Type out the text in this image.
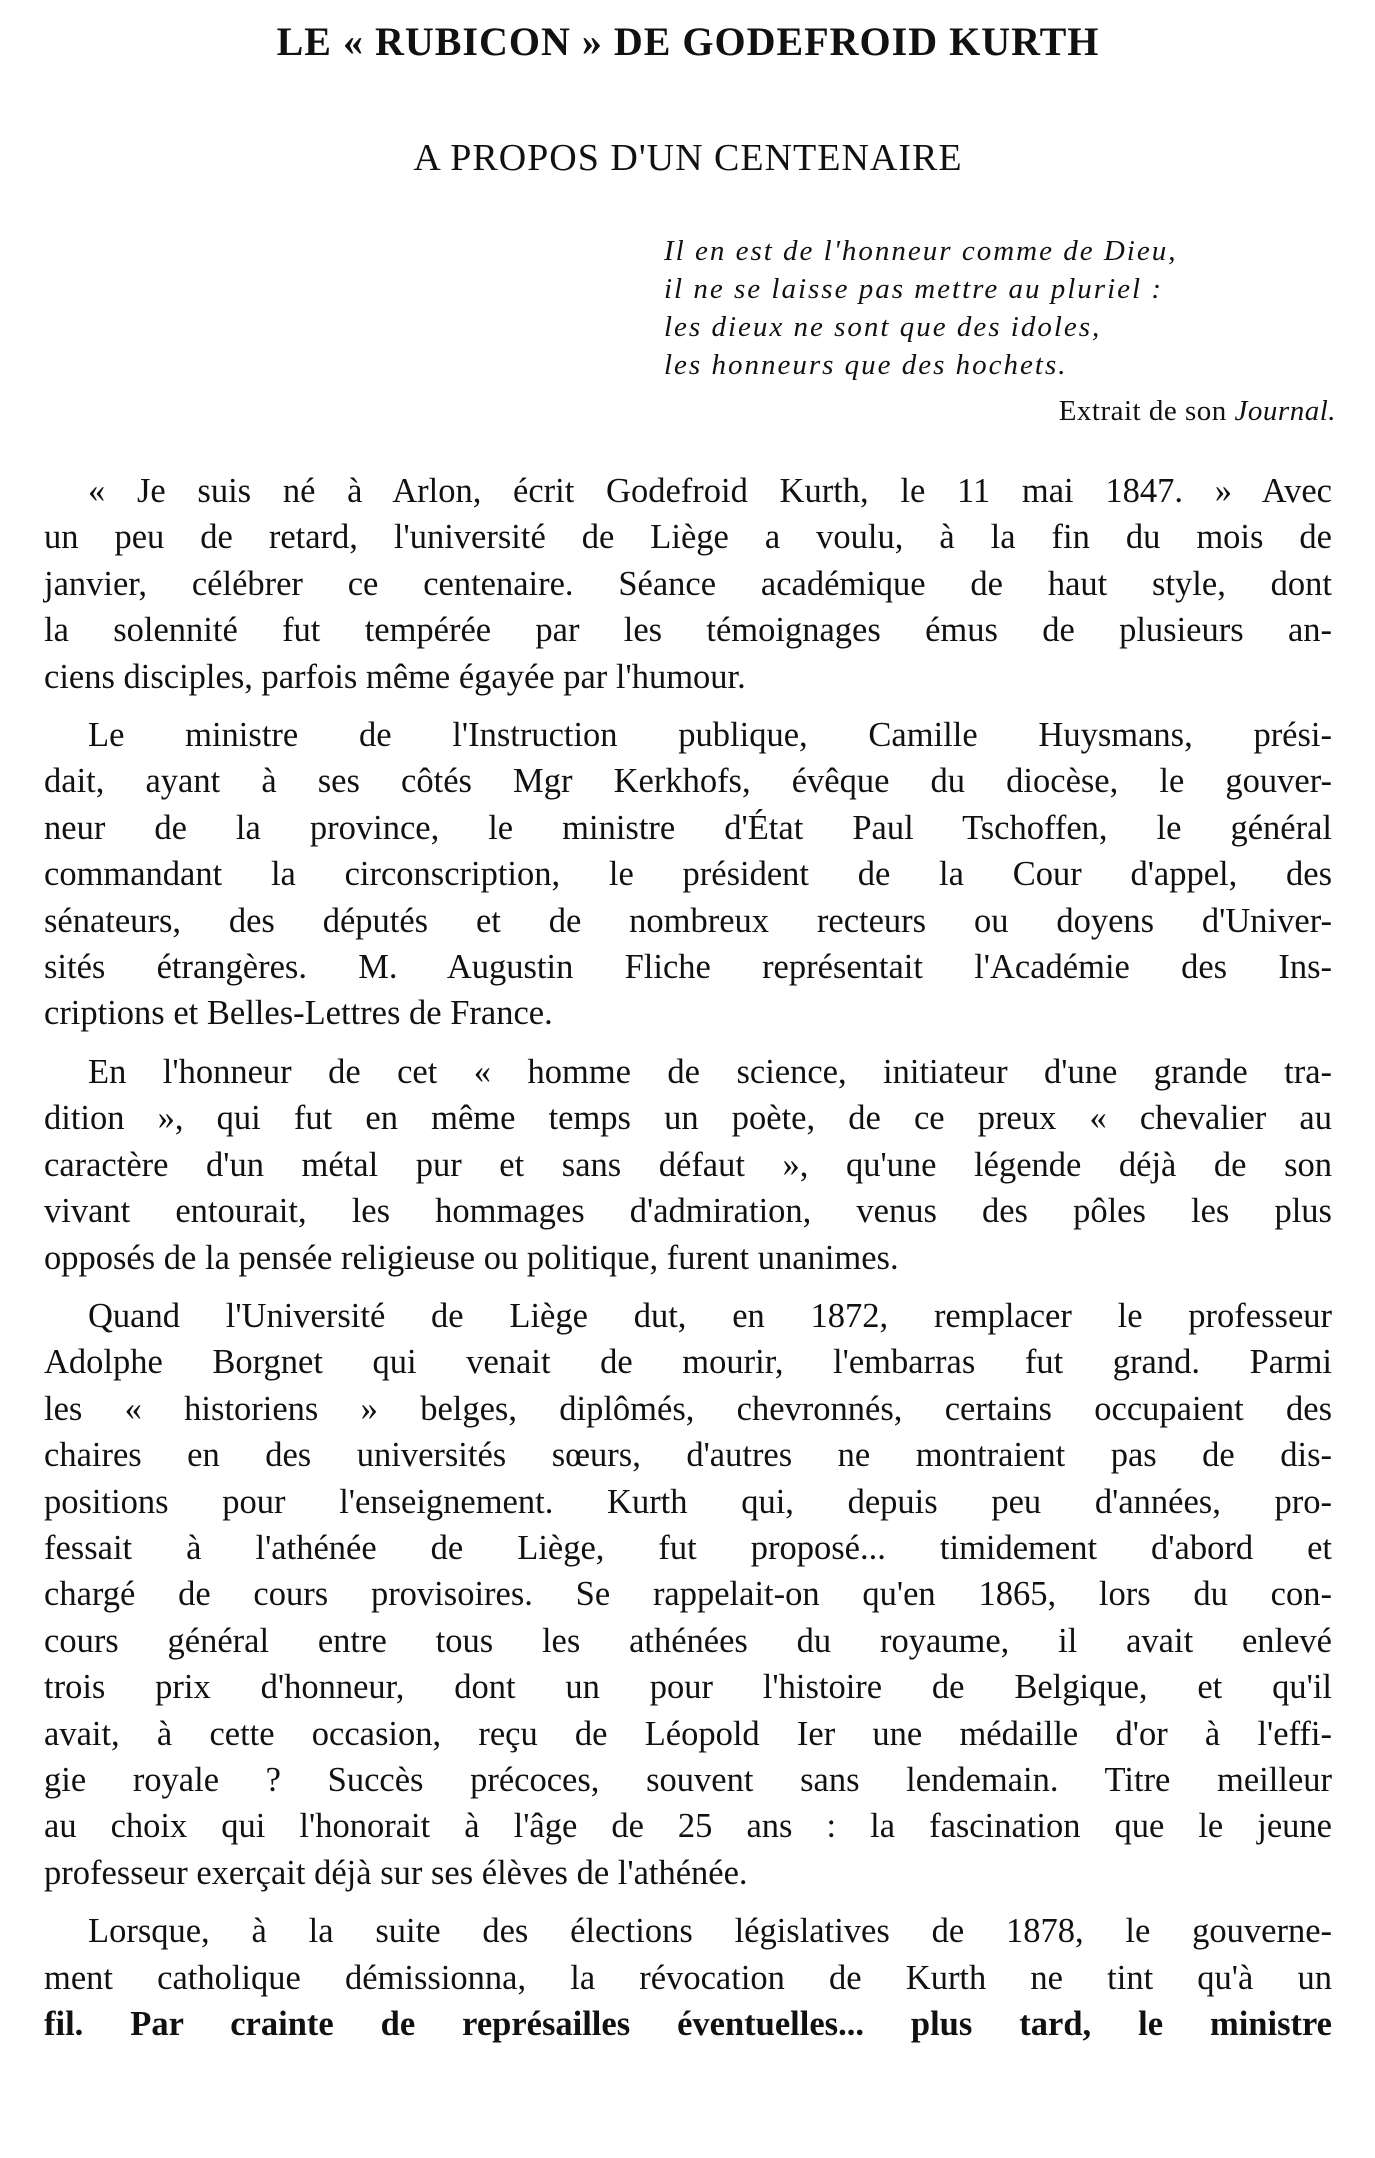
LE « RUBICON » DE GODEFROID KURTH
A PROPOS D'UN CENTENAIRE
Il en est de l'honneur comme de Dieu,
il ne se laisse pas mettre au pluriel :
les dieux ne sont que des idoles,
les honneurs que des hochets.
Extrait de son Journal.

« Je suis né à Arlon, écrit Godefroid Kurth, le 11 mai 1847. » Avec
un peu de retard, l'université de Liège a voulu, à la fin du mois de
janvier, célébrer ce centenaire. Séance académique de haut style, dont
la solennité fut tempérée par les témoignages émus de plusieurs an-
ciens disciples, parfois même égayée par l'humour.

Le ministre de l'Instruction publique, Camille Huysmans, prési-
dait, ayant à ses côtés Mgr Kerkhofs, évêque du diocèse, le gouver-
neur de la province, le ministre d'État Paul Tschoffen, le général
commandant la circonscription, le président de la Cour d'appel, des
sénateurs, des députés et de nombreux recteurs ou doyens d'Univer-
sités étrangères. M. Augustin Fliche représentait l'Académie des Ins-
criptions et Belles-Lettres de France.

En l'honneur de cet « homme de science, initiateur d'une grande tra-
dition », qui fut en même temps un poète, de ce preux « chevalier au
caractère d'un métal pur et sans défaut », qu'une légende déjà de son
vivant entourait, les hommages d'admiration, venus des pôles les plus
opposés de la pensée religieuse ou politique, furent unanimes.

Quand l'Université de Liège dut, en 1872, remplacer le professeur
Adolphe Borgnet qui venait de mourir, l'embarras fut grand. Parmi
les « historiens » belges, diplômés, chevronnés, certains occupaient des
chaires en des universités sœurs, d'autres ne montraient pas de dis-
positions pour l'enseignement. Kurth qui, depuis peu d'années, pro-
fessait à l'athénée de Liège, fut proposé... timidement d'abord et
chargé de cours provisoires. Se rappelait-on qu'en 1865, lors du con-
cours général entre tous les athénées du royaume, il avait enlevé
trois prix d'honneur, dont un pour l'histoire de Belgique, et qu'il
avait, à cette occasion, reçu de Léopold Ier une médaille d'or à l'effi-
gie royale ? Succès précoces, souvent sans lendemain. Titre meilleur
au choix qui l'honorait à l'âge de 25 ans : la fascination que le jeune
professeur exerçait déjà sur ses élèves de l'athénée.

Lorsque, à la suite des élections législatives de 1878, le gouverne-
ment catholique démissionna, la révocation de Kurth ne tint qu'à un
fil. Par crainte de représailles éventuelles... plus tard, le ministre
